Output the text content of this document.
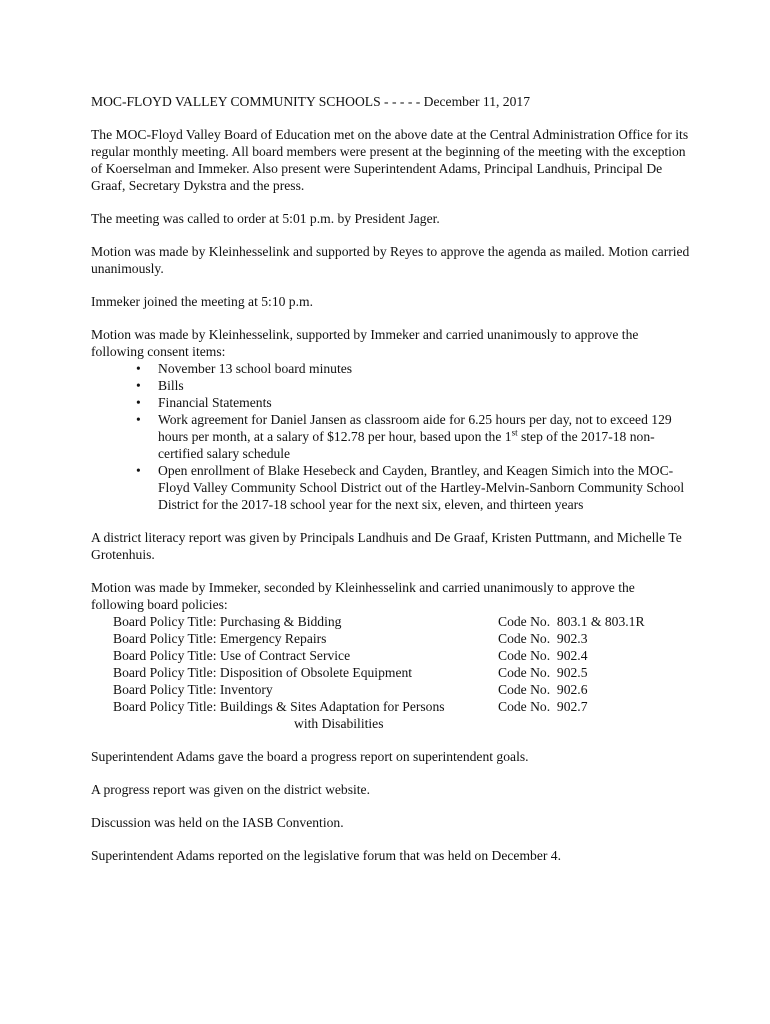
MOC-FLOYD VALLEY COMMUNITY SCHOOLS - - - - - December 11, 2017

The MOC-Floyd Valley Board of Education met on the above date at the Central Administration Office for its regular monthly meeting. All board members were present at the beginning of the meeting with the exception of Koerselman and Immeker. Also present were Superintendent Adams, Principal Landhuis, Principal De Graaf, Secretary Dykstra and the press.

The meeting was called to order at 5:01 p.m. by President Jager.

Motion was made by Kleinhesselink and supported by Reyes to approve the agenda as mailed. Motion carried unanimously.

Immeker joined the meeting at 5:10 p.m.

Motion was made by Kleinhesselink, supported by Immeker and carried unanimously to approve the following consent items:

• November 13 school board minutes
• Bills
• Financial Statements
• Work agreement for Daniel Jansen as classroom aide for 6.25 hours per day, not to exceed 129 hours per month, at a salary of $12.78 per hour, based upon the 1st step of the 2017-18 non-certified salary schedule
• Open enrollment of Blake Hesebeck and Cayden, Brantley, and Keagen Simich into the MOC-Floyd Valley Community School District out of the Hartley-Melvin-Sanborn Community School District for the 2017-18 school year for the next six, eleven, and thirteen years

A district literacy report was given by Principals Landhuis and De Graaf, Kristen Puttmann, and Michelle Te Grotenhuis.

Motion was made by Immeker, seconded by Kleinhesselink and carried unanimously to approve the following board policies:

Board Policy Title: Purchasing & Bidding	Code No.  803.1 & 803.1R
Board Policy Title: Emergency Repairs	Code No.  902.3
Board Policy Title: Use of Contract Service	Code No.  902.4
Board Policy Title: Disposition of Obsolete Equipment	Code No.  902.5
Board Policy Title: Inventory	Code No.  902.6
Board Policy Title: Buildings & Sites Adaptation for Persons	Code No.  902.7
with Disabilities

Superintendent Adams gave the board a progress report on superintendent goals.

A progress report was given on the district website.

Discussion was held on the IASB Convention.

Superintendent Adams reported on the legislative forum that was held on December 4.
